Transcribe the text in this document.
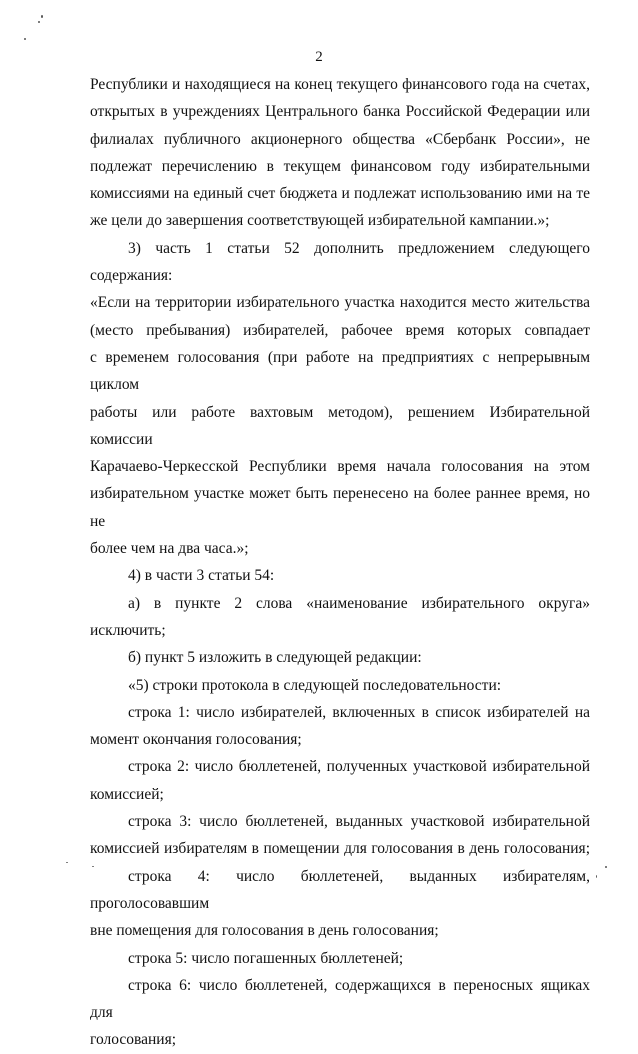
2

Республики и находящиеся на конец текущего финансового года на счетах,

открытых в учреждениях Центрального банка Российской Федерации или

филиалах публичного акционерного общества «Сбербанк России», не

подлежат перечислению в текущем финансовом году избирательными

комиссиями на единый счет бюджета и подлежат использованию ими на те

же цели до завершения соответствующей избирательной кампании.»;

3) часть 1 статьи 52 дополнить предложением следующего содержания:

«Если на территории избирательного участка находится место жительства

(место пребывания) избирателей, рабочее время которых совпадает

с временем голосования (при работе на предприятиях с непрерывным циклом

работы или работе вахтовым методом), решением Избирательной комиссии

Карачаево-Черкесской Республики время начала голосования на этом

избирательном участке может быть перенесено на более раннее время, но не

более чем на два часа.»;

4) в части 3 статьи 54:

а) в пункте 2 слова «наименование избирательного округа» исключить;

б) пункт 5 изложить в следующей редакции:

«5) строки протокола в следующей последовательности:

строка 1: число избирателей, включенных в список избирателей на

момент окончания голосования;

строка 2: число бюллетеней, полученных участковой избирательной

комиссией;

строка 3: число бюллетеней, выданных участковой избирательной

комиссией избирателям в помещении для голосования в день голосования;

строка 4: число бюллетеней, выданных избирателям, проголосовавшим

вне помещения для голосования в день голосования;

строка 5: число погашенных бюллетеней;

строка 6: число бюллетеней, содержащихся в переносных ящиках для

голосования;
